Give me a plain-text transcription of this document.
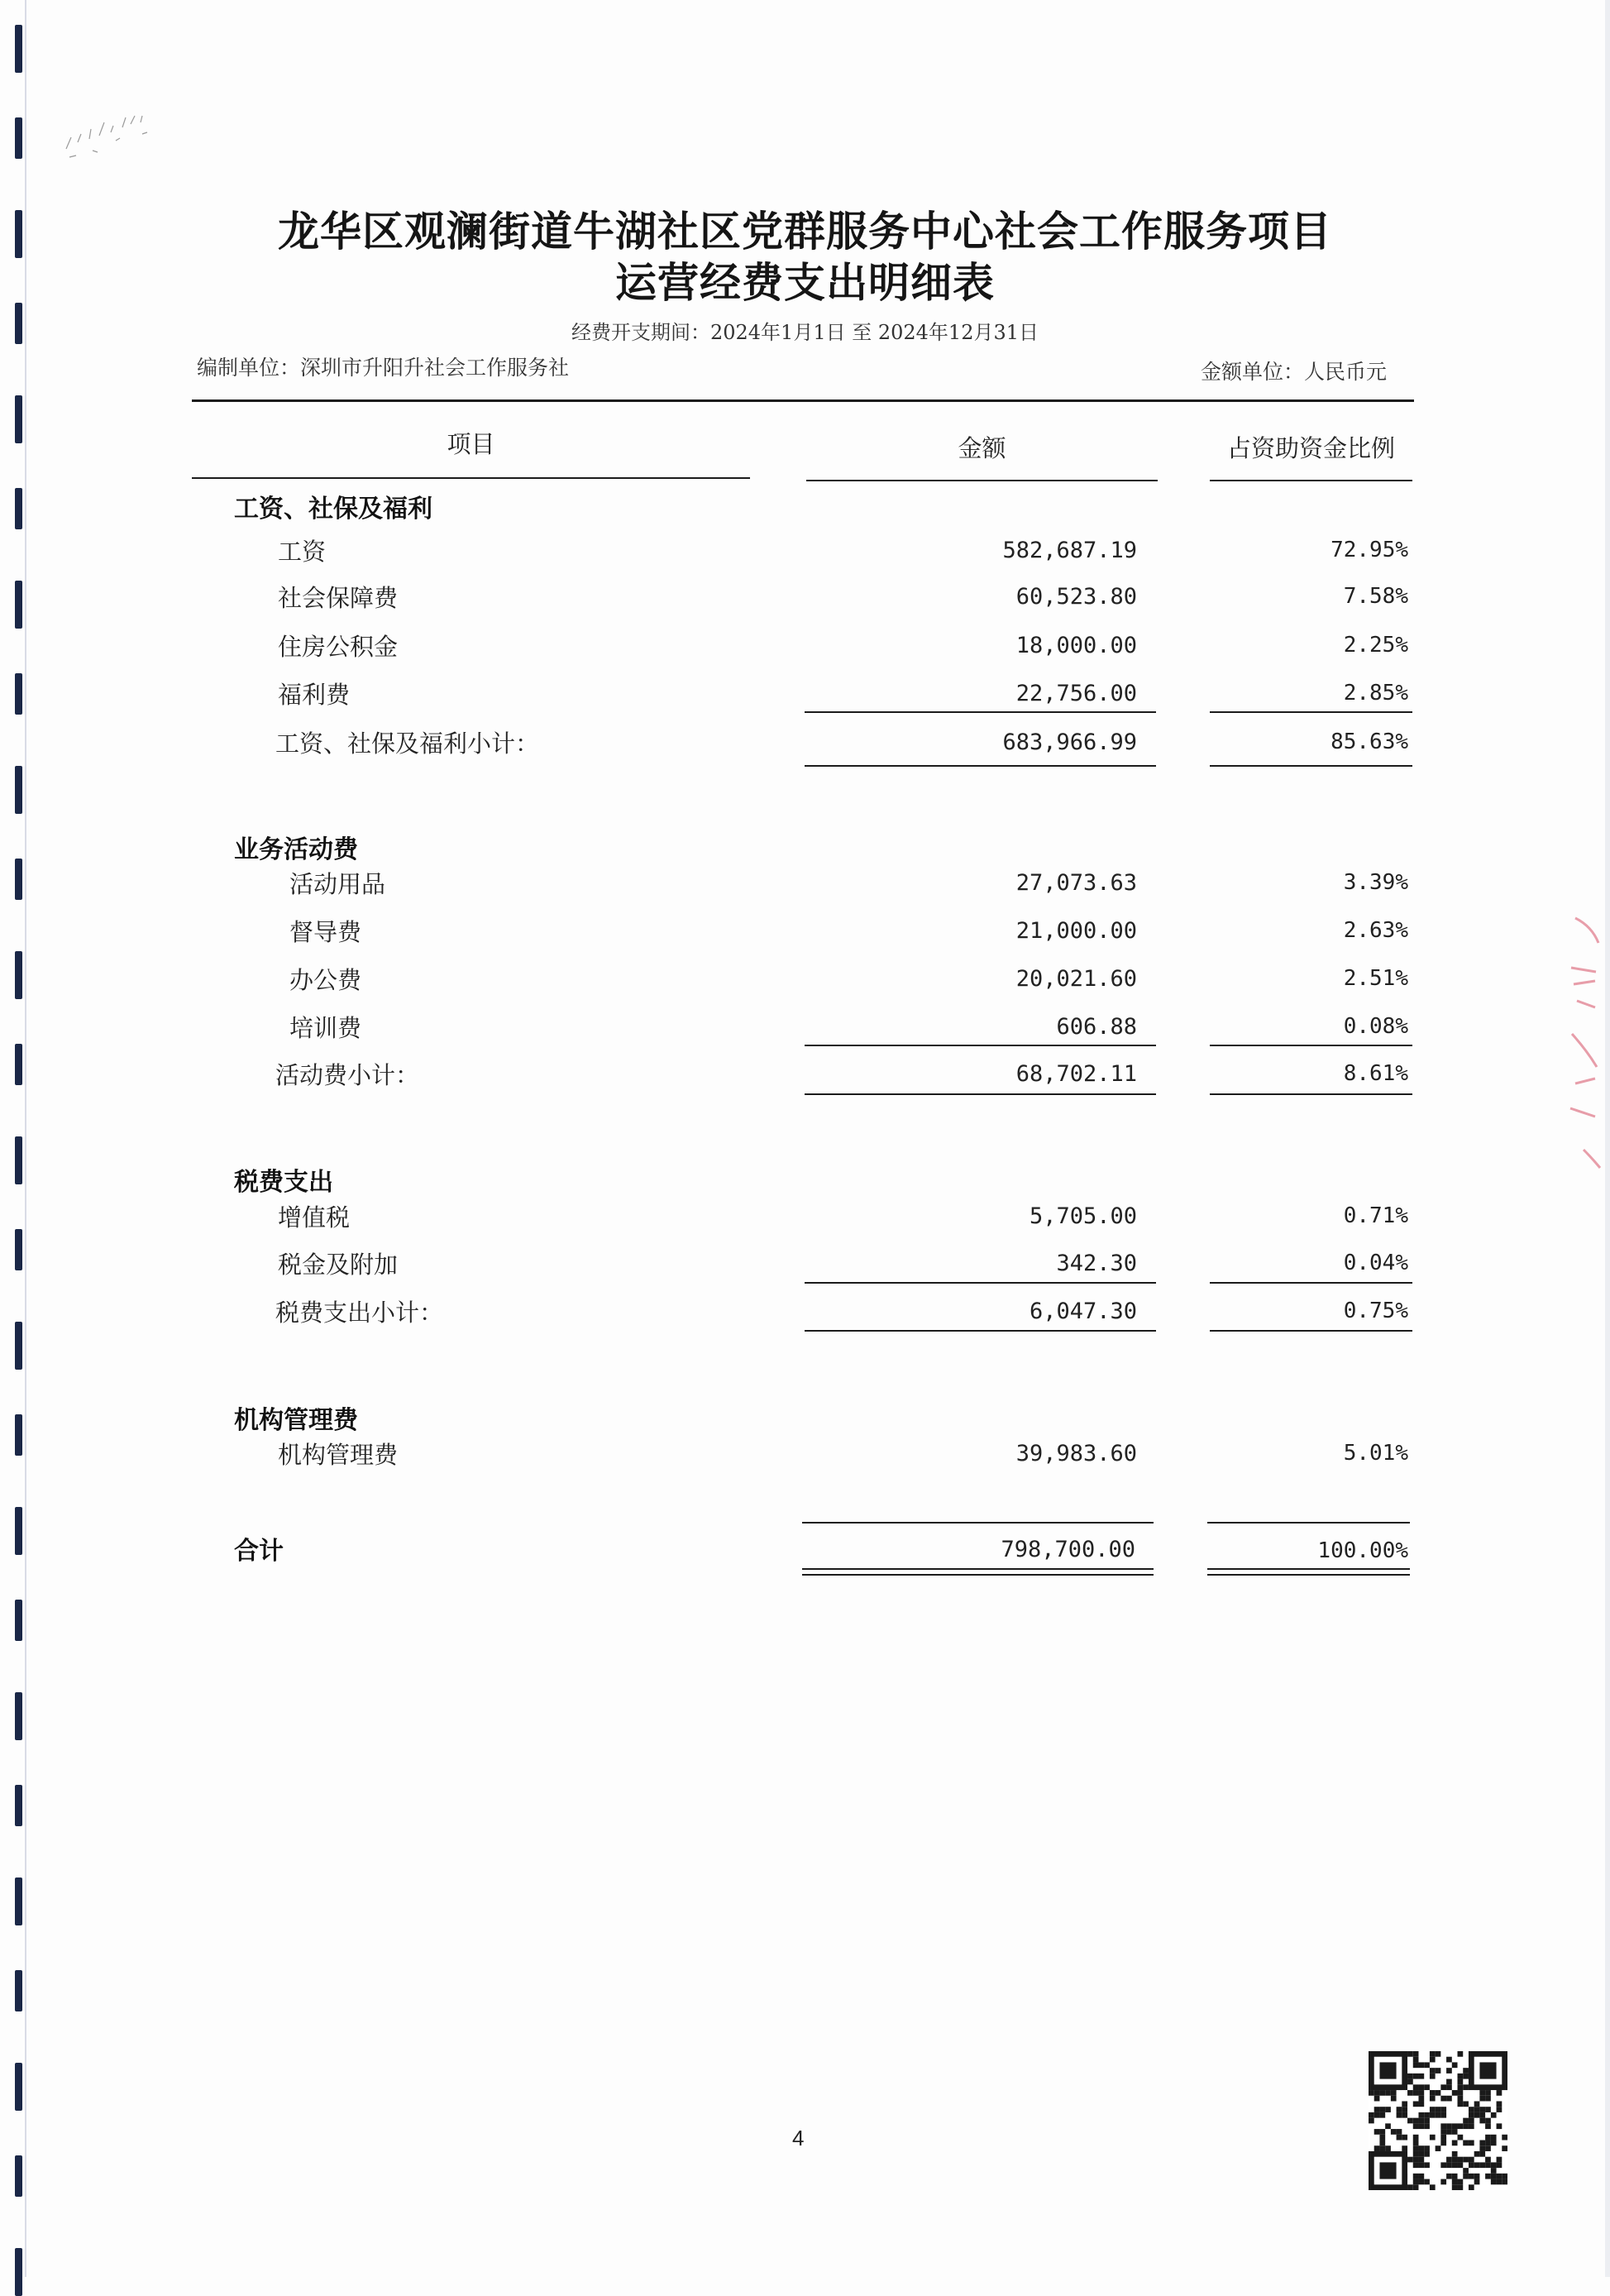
龙华区观澜街道牛湖社区党群服务中心社会工作服务项目
运营经费支出明细表
经费开支期间：2024年1月1日 至 2024年12月31日
编制单位：深圳市升阳升社会工作服务社	金额单位：人民币元
项目	金额	占资助资金比例
工资、社保及福利
工资	582,687.19	72.95%
社会保障费	60,523.80	7.58%
住房公积金	18,000.00	2.25%
福利费	22,756.00	2.85%
工资、社保及福利小计：	683,966.99	85.63%
业务活动费
活动用品	27,073.63	3.39%
督导费	21,000.00	2.63%
办公费	20,021.60	2.51%
培训费	606.88	0.08%
活动费小计：	68,702.11	8.61%
税费支出
增值税	5,705.00	0.71%
税金及附加	342.30	0.04%
税费支出小计：	6,047.30	0.75%
机构管理费
机构管理费	39,983.60	5.01%
合计	798,700.00	100.00%
4
